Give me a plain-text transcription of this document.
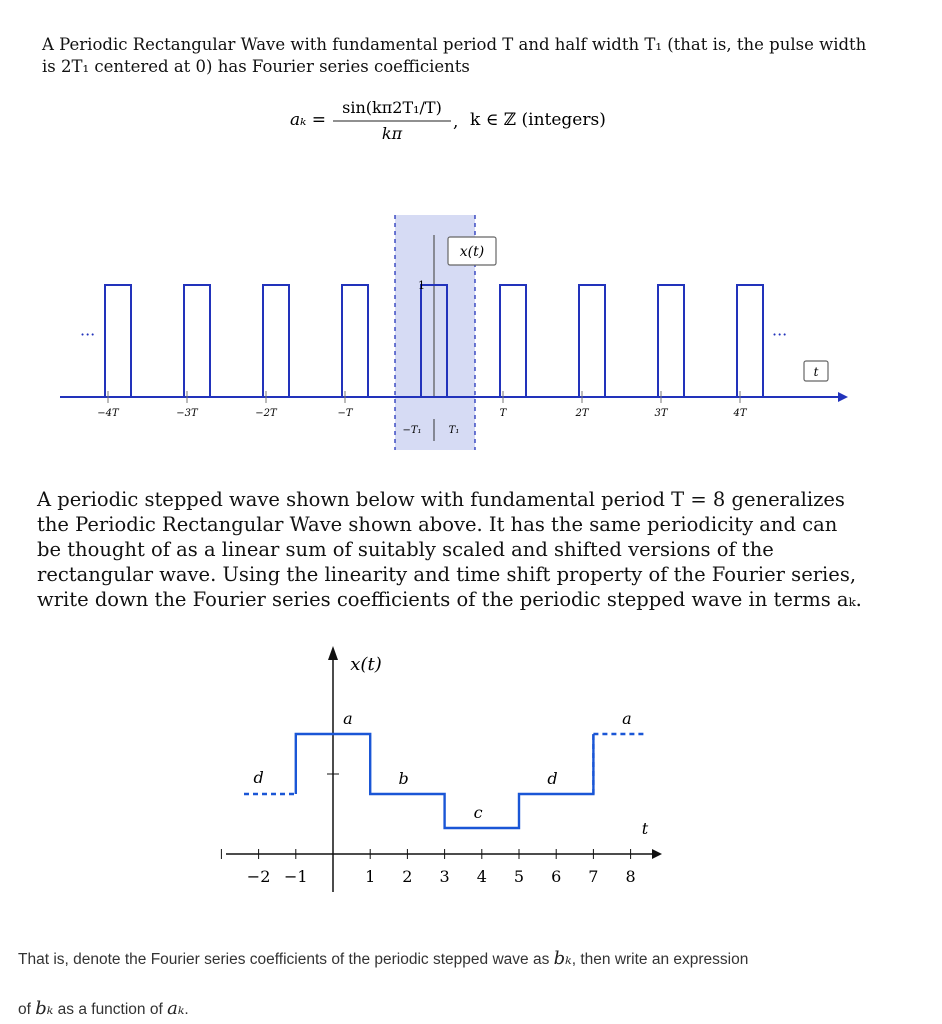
A Periodic Rectangular Wave with fundamental period T and half width T₁ (that is, the pulse width is 2T₁ centered at 0) has Fourier series coefficients
aₖ =
sin(kπ2T₁/T)
kπ
, k ∈ ℤ (integers)
−4T	−3T	−2T	−T	T	2T	3T	4T
x(t)
1
···	···
t
−T₁	T₁
A periodic stepped wave shown below with fundamental period T = 8 generalizes the Periodic Rectangular Wave shown above. It has the same periodicity and can be thought of as a linear sum of suitably scaled and shifted versions of the rectangular wave. Using the linearity and time shift property of the Fourier series, write down the Fourier series coefficients of the periodic stepped wave in terms aₖ.
−2 −1	1 2 3 4 5 6 7 8
d
a
b
c
d
a
x(t)
t
That is, denote the Fourier series coefficients of the periodic stepped wave as bₖ, then write an expression
of bₖ as a function of aₖ.
